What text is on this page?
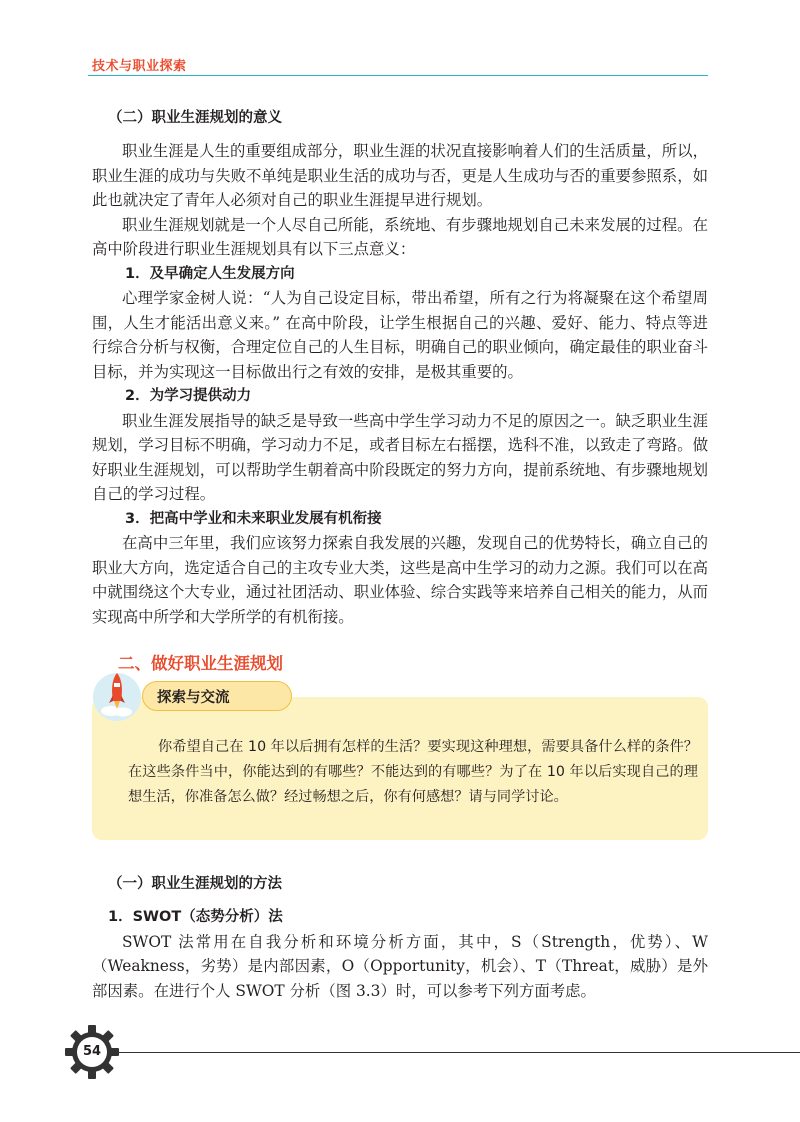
技术与职业探索
（二）职业生涯规划的意义

职业生涯是人生的重要组成部分，职业生涯的状况直接影响着人们的生活质量，所以，职业生涯的成功与失败不单纯是职业生活的成功与否，更是人生成功与否的重要参照系，如此也就决定了青年人必须对自己的职业生涯提早进行规划。

职业生涯规划就是一个人尽自己所能，系统地、有步骤地规划自己未来发展的过程。在高中阶段进行职业生涯规划具有以下三点意义：

1．及早确定人生发展方向

心理学家金树人说：“人为自己设定目标，带出希望，所有之行为将凝聚在这个希望周围，人生才能活出意义来。” 在高中阶段，让学生根据自己的兴趣、爱好、能力、特点等进行综合分析与权衡，合理定位自己的人生目标，明确自己的职业倾向，确定最佳的职业奋斗目标，并为实现这一目标做出行之有效的安排，是极其重要的。

2．为学习提供动力

职业生涯发展指导的缺乏是导致一些高中学生学习动力不足的原因之一。缺乏职业生涯规划，学习目标不明确，学习动力不足，或者目标左右摇摆，选科不准，以致走了弯路。做好职业生涯规划，可以帮助学生朝着高中阶段既定的努力方向，提前系统地、有步骤地规划自己的学习过程。

3．把高中学业和未来职业发展有机衔接

在高中三年里，我们应该努力探索自我发展的兴趣，发现自己的优势特长，确立自己的职业大方向，选定适合自己的主攻专业大类，这些是高中生学习的动力之源。我们可以在高中就围绕这个大专业，通过社团活动、职业体验、综合实践等来培养自己相关的能力，从而实现高中所学和大学所学的有机衔接。

二、做好职业生涯规划
探索与交流
你希望自己在 10 年以后拥有怎样的生活？要实现这种理想，需要具备什么样的条件？在这些条件当中，你能达到的有哪些？不能达到的有哪些？为了在 10 年以后实现自己的理想生活，你准备怎么做？经过畅想之后，你有何感想？请与同学讨论。
（一）职业生涯规划的方法
1．SWOT（态势分析）法

SWOT 法常用在自我分析和环境分析方面，其中，S（Strength，优势）、W（Weakness，劣势）是内部因素，O（Opportunity，机会）、T（Threat，威胁）是外部因素。在进行个人 SWOT 分析（图 3.3）时，可以参考下列方面考虑。

54
